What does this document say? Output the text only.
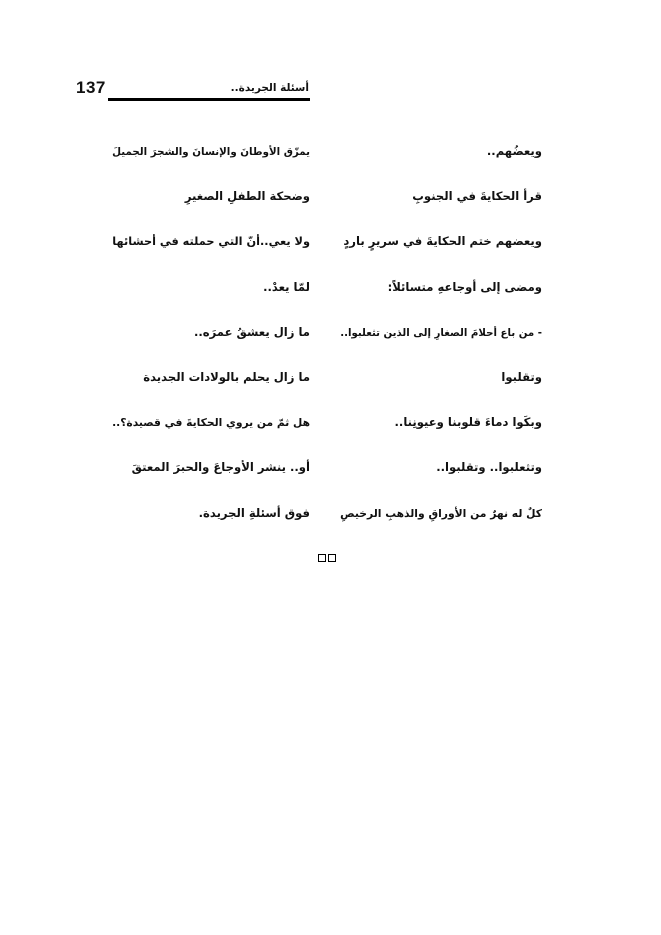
137	أسئلة الجريدة..
ويعضُهم..
قرأ الحكايةَ في الجنوبِ
ويعضهم ختم الحكايةَ في سريرٍ باردٍ
ومضى إلى أوجاعهِ متسائلاً:
- من باع أحلامَ الصغارِ إلى الذين تثعلبوا..
وتقلبوا
وبكَوا دماءَ قلوبنا وعيونِنا..
وتثعلبوا.. وتقلبوا..
كلٌ له نهرٌ من الأوراقِ والذهبِ الرخيصِ
يمزّق الأوطانَ والإنسانَ والشجرَ الجميلَ
وضحكة الطفلِ الصغيرِ
ولا يعي..أنّ التي حملته في أحشائها
لمّا يعدْ..
ما زال يعشقُ عمرَه..
ما زال يحلم بالولادات الجديدة
هل ثمّ من يروي الحكايةَ في قصيدة؟..
أو.. ينشر الأوجاعَ والحبرَ المعتقَ
فوق أسئلةِ الجريدة.
